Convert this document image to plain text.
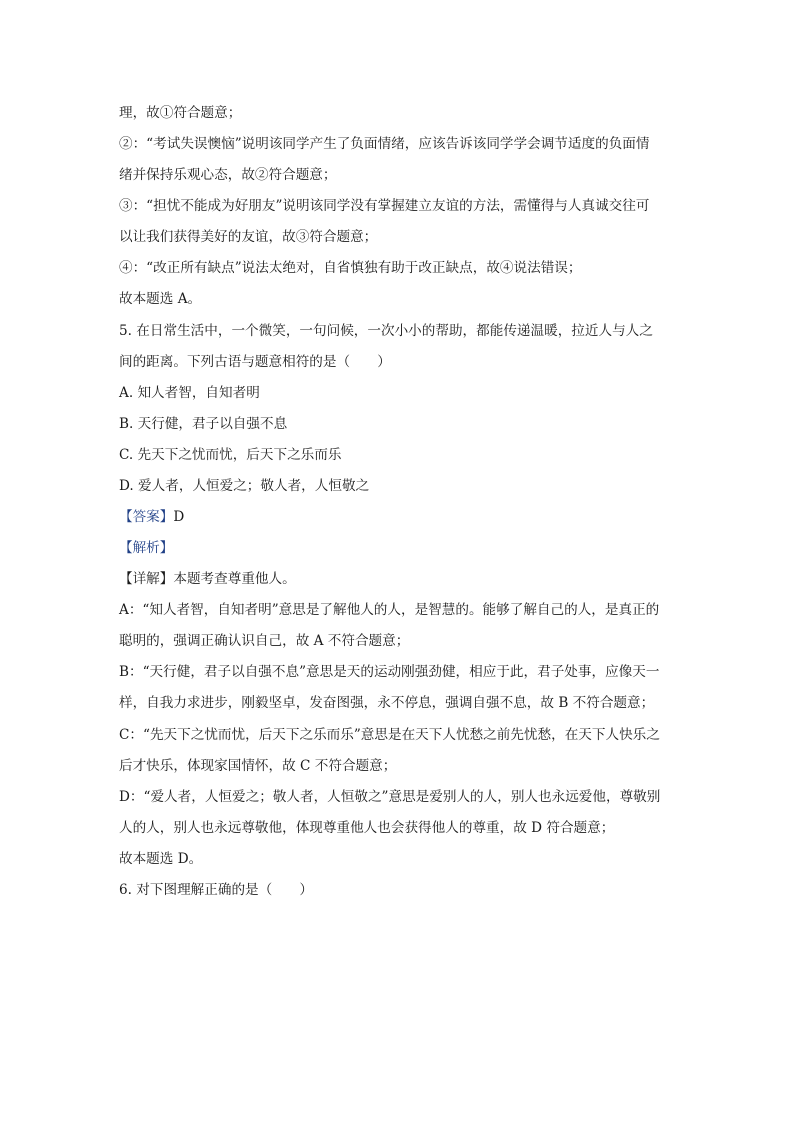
理，故①符合题意；
②：“考试失误懊恼”说明该同学产生了负面情绪，应该告诉该同学学会调节适度的负面情
绪并保持乐观心态，故②符合题意；
③：“担忧不能成为好朋友”说明该同学没有掌握建立友谊的方法，需懂得与人真诚交往可
以让我们获得美好的友谊，故③符合题意；
④：“改正所有缺点”说法太绝对，自省慎独有助于改正缺点，故④说法错误；
故本题选 A。
5. 在日常生活中，一个微笑，一句问候，一次小小的帮助，都能传递温暖，拉近人与人之
间的距离。下列古语与题意相符的是（　　）
A. 知人者智，自知者明
B. 天行健，君子以自强不息
C. 先天下之忧而忧，后天下之乐而乐
D. 爱人者，人恒爱之；敬人者，人恒敬之
【答案】D
【解析】
【详解】本题考查尊重他人。
A：“知人者智，自知者明”意思是了解他人的人，是智慧的。能够了解自己的人，是真正的
聪明的，强调正确认识自己，故 A 不符合题意；
B：“天行健，君子以自强不息”意思是天的运动刚强劲健，相应于此，君子处事，应像天一
样，自我力求进步，刚毅坚卓，发奋图强，永不停息，强调自强不息，故 B 不符合题意；
C：“先天下之忧而忧，后天下之乐而乐”意思是在天下人忧愁之前先忧愁，在天下人快乐之
后才快乐，体现家国情怀，故 C 不符合题意；
D：“爱人者，人恒爱之；敬人者，人恒敬之”意思是爱别人的人，别人也永远爱他，尊敬别
人的人，别人也永远尊敬他，体现尊重他人也会获得他人的尊重，故 D 符合题意；
故本题选 D。
6. 对下图理解正确的是（　　）
